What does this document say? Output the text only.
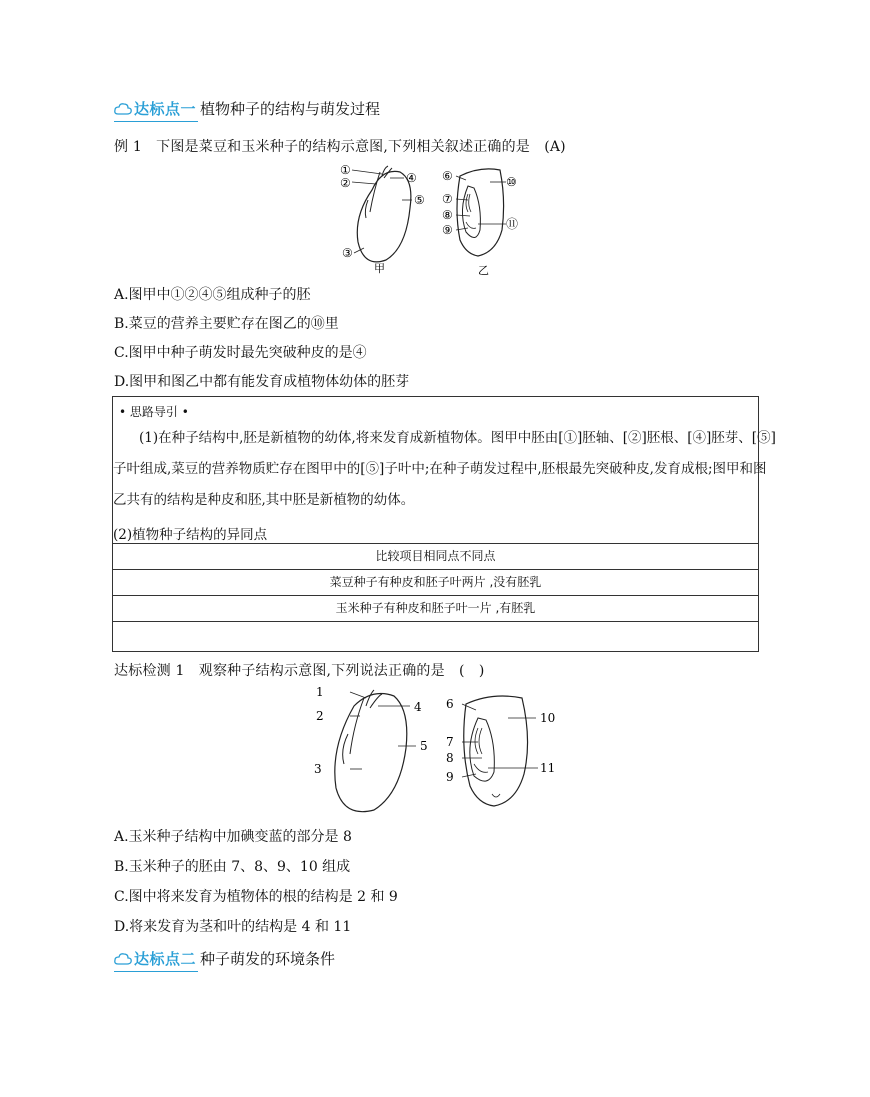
达标点一 植物种子的结构与萌发过程
例 1　下图是菜豆和玉米种子的结构示意图,下列相关叙述正确的是　(A)
①
②
③
④
⑤
甲
⑥
⑦
⑧
⑨
⑩
⑪
乙
A.图甲中①②④⑤组成种子的胚
B.菜豆的营养主要贮存在图乙的⑩里
C.图甲中种子萌发时最先突破种皮的是④
D.图甲和图乙中都有能发育成植物体幼体的胚芽
• 思路导引 •
(1)在种子结构中,胚是新植物的幼体,将来发育成新植物体。图甲中胚由[①]胚轴、[②]胚根、[④]胚芽、[⑤]
子叶组成,菜豆的营养物质贮存在图甲中的[⑤]子叶中;在种子萌发过程中,胚根最先突破种皮,发育成根;图甲和图
乙共有的结构是种皮和胚,其中胚是新植物的幼体。
(2)植物种子结构的异同点
比较项目相同点不同点
菜豆种子有种皮和胚子叶两片 ,没有胚乳
玉米种子有种皮和胚子叶一片 ,有胚乳
达标检测 1　观察种子结构示意图,下列说法正确的是　(　)
1
2
3
4
5
6
7
8
9
10
11
A.玉米种子结构中加碘变蓝的部分是 8
B.玉米种子的胚由 7、8、9、10 组成
C.图中将来发育为植物体的根的结构是 2 和 9
D.将来发育为茎和叶的结构是 4 和 11
达标点二 种子萌发的环境条件
